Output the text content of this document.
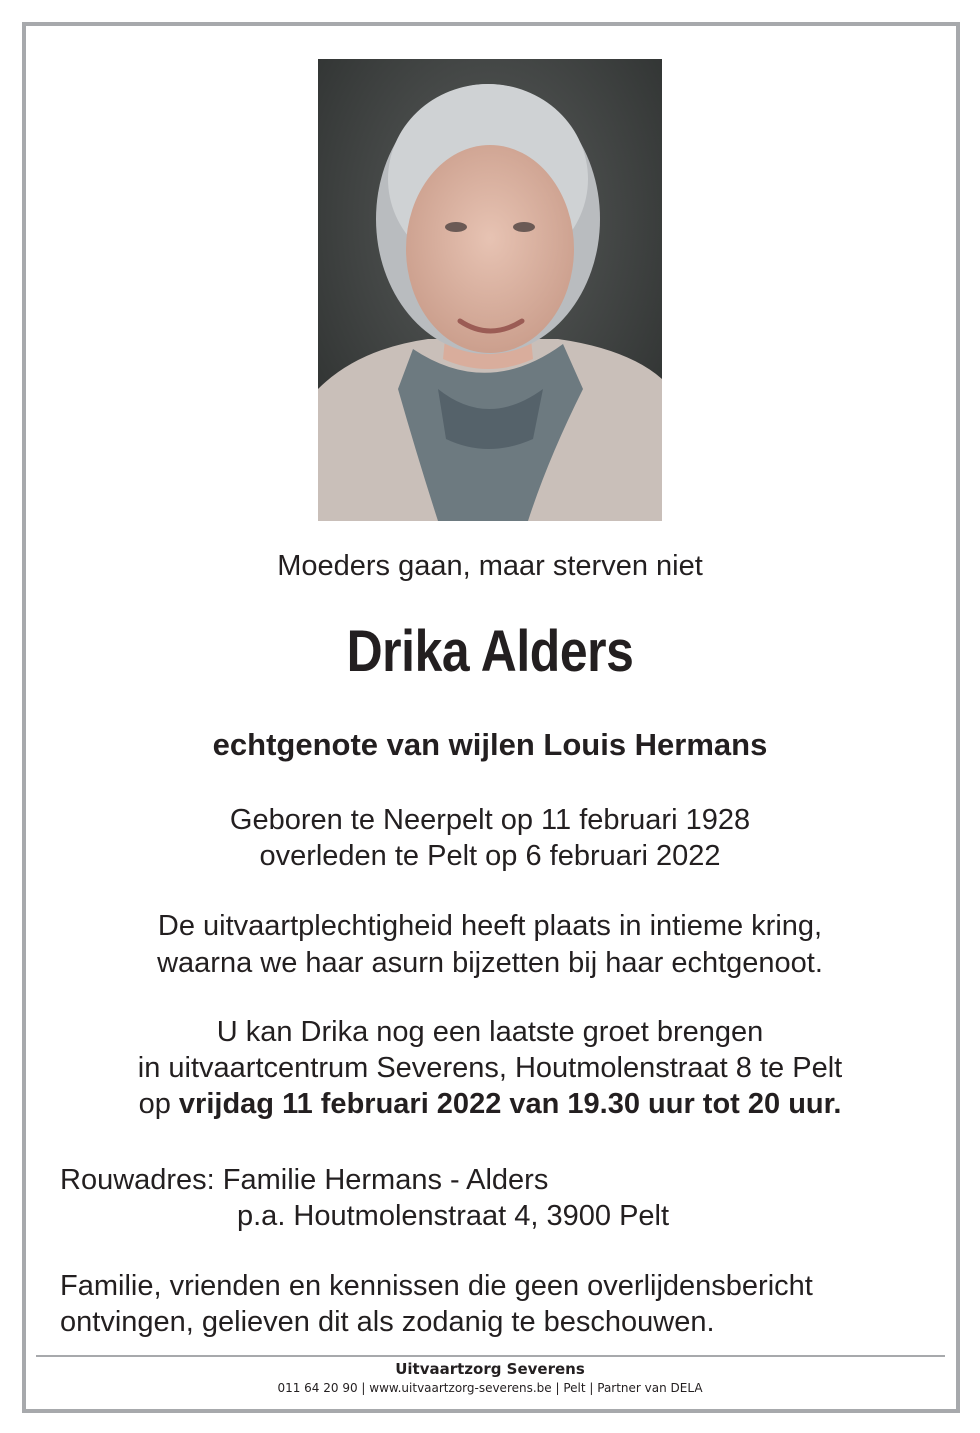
Moeders gaan, maar sterven niet
Drika Alders
echtgenote van wijlen Louis Hermans
Geboren te Neerpelt op 11 februari 1928
overleden te Pelt op 6 februari 2022
De uitvaartplechtigheid heeft plaats in intieme kring,
waarna we haar asurn bijzetten bij haar echtgenoot.
U kan Drika nog een laatste groet brengen
in uitvaartcentrum Severens, Houtmolenstraat 8 te Pelt
op vrijdag 11 februari 2022 van 19.30 uur tot 20 uur.
Rouwadres: Familie Hermans - Alders
p.a. Houtmolenstraat 4, 3900 Pelt
Familie, vrienden en kennissen die geen overlijdensbericht
ontvingen, gelieven dit als zodanig te beschouwen.
Uitvaartzorg Severens
011 64 20 90 | www.uitvaartzorg-severens.be | Pelt | Partner van DELA
